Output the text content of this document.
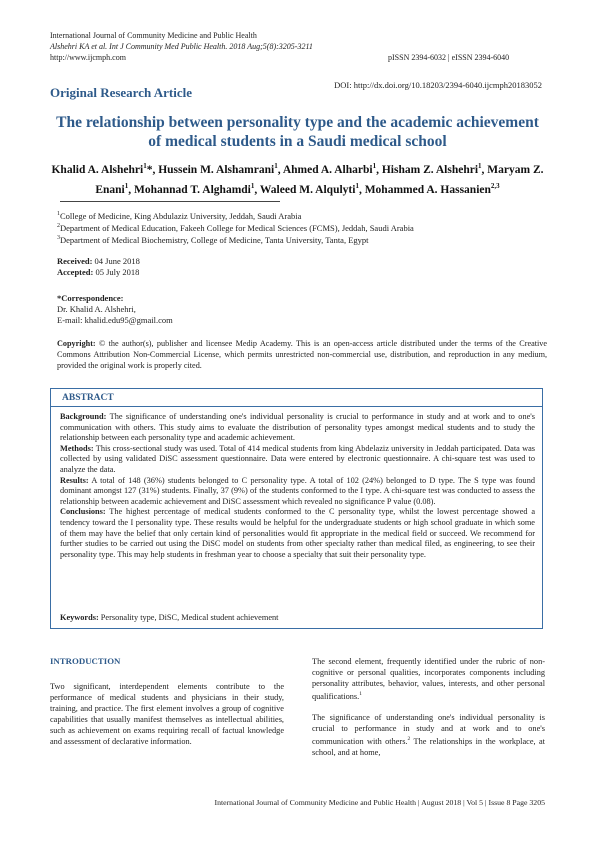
International Journal of Community Medicine and Public Health
Alshehri KA et al. Int J Community Med Public Health. 2018 Aug;5(8):3205-3211
http://www.ijcmph.com	pISSN 2394-6032 | eISSN 2394-6040
Original Research Article	DOI: http://dx.doi.org/10.18203/2394-6040.ijcmph20183052
The relationship between personality type and the academic achievement of medical students in a Saudi medical school
Khalid A. Alshehri$^1$*, Hussein M. Alshamrani$^1$, Ahmed A. Alharbi$^1$, Hisham Z. Alshehri$^1$, Maryam Z. Enani$^1$, Mohannad T. Alghamdi$^1$, Waleed M. Alqulyti$^1$, Mohammed A. Hassanien$^{2,3}$
$^1$College of Medicine, King Abdulaziz University, Jeddah, Saudi Arabia
$^2$Department of Medical Education, Fakeeh College for Medical Sciences (FCMS), Jeddah, Saudi Arabia
$^3$Department of Medical Biochemistry, College of Medicine, Tanta University, Tanta, Egypt
Received: 04 June 2018
Accepted: 05 July 2018
*Correspondence:
Dr. Khalid A. Alshehri,
E-mail: khalid.edu95@gmail.com
Copyright: © the author(s), publisher and licensee Medip Academy. This is an open-access article distributed under the terms of the Creative Commons Attribution Non-Commercial License, which permits unrestricted non-commercial use, distribution, and reproduction in any medium, provided the original work is properly cited.
ABSTRACT

Background: The significance of understanding one's individual personality is crucial to performance in study and at work and to one's communication with others. This study aims to evaluate the distribution of personality types amongst medical students and to study the relationship between each personality type and academic achievement.

Methods: This cross-sectional study was used. Total of 414 medical students from king Abdelaziz university in Jeddah participated. Data was collected by using validated DiSC assessment questionnaire. Data were entered by electronic questionnaire. A chi-square test was used to analyze the data.

Results: A total of 148 (36%) students belonged to C personality type. A total of 102 (24%) belonged to D type. The S type was found dominant amongst 127 (31%) students. Finally, 37 (9%) of the students conformed to the I type. A chi-square test was conducted to assess the relationship between academic achievement and DiSC assessment which revealed no significance P value (0.08).

Conclusions: The highest percentage of medical students conformed to the C personality type, whilst the lowest percentage showed a tendency toward the I personality type. These results would be helpful for the undergraduate students or high school graduate in which some of them may have the belief that only certain kind of personalities would fit appropriate in the medical field or succeed. We recommend for further studies to be carried out using the DiSC model on students from other specialty rather than medical filed, as engineering, to see their personality type. This may help students in freshman year to choose a specialty that suit their personality type.

Keywords: Personality type, DiSC, Medical student achievement
INTRODUCTION

Two significant, interdependent elements contribute to the performance of medical students and physicians in their study, training, and practice. The first element involves a group of cognitive capabilities that usually manifest themselves as intellectual abilities, such as achievement on exams requiring recall of factual knowledge and assessment of declarative information.

The second element, frequently identified under the rubric of non-cognitive or personal qualities, incorporates components including personality attributes, behavior, values, interests, and other personal qualifications.$^1$

The significance of understanding one's individual personality is crucial to performance in study and at work and to one's communication with others.$^2$ The relationships in the workplace, at school, and at home,

International Journal of Community Medicine and Public Health | August 2018 | Vol 5 | Issue 8 Page 3205
